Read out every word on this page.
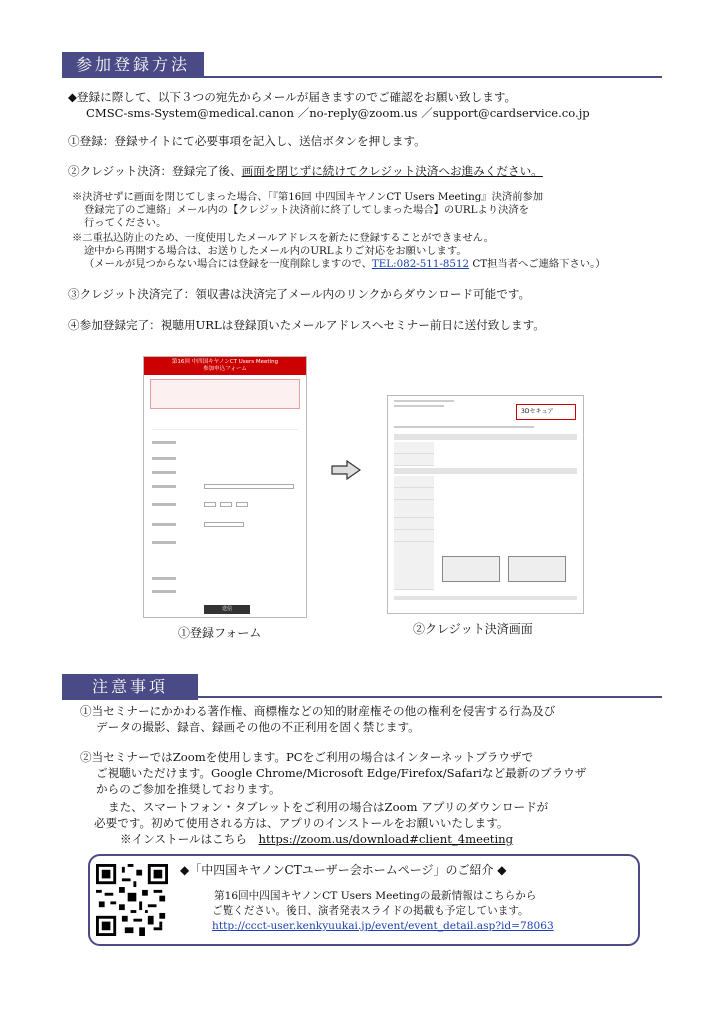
参加登録方法
◆登録に際して、以下３つの宛先からメールが届きますのでご確認をお願い致します。
CMSC-sms-System@medical.canon ／no-reply@zoom.us ／support@cardservice.co.jp
①登録：登録サイトにて必要事項を記入し、送信ボタンを押します。
②クレジット決済：登録完了後、画面を閉じずに続けてクレジット決済へお進みください。
※決済せずに画面を閉じてしまった場合、「『第16回 中四国キヤノンCT Users Meeting』決済前参加
登録完了のご連絡」メール内の【クレジット決済前に終了してしまった場合】のURLより決済を
行ってください。
※二重払込防止のため、一度使用したメールアドレスを新たに登録することができません。
途中から再開する場合は、お送りしたメール内のURLよりご対応をお願いします。
（メールが見つからない場合には登録を一度削除しますので、TEL:082-511-8512 CT担当者へご連絡下さい。）
③クレジット決済完了：領収書は決済完了メール内のリンクからダウンロード可能です。
④参加登録完了：視聴用URLは登録頂いたメールアドレスへセミナー前日に送付致します。
第16回 中四国キヤノンCT Users Meeting
参加申込フォーム
送信
3Dセキュア
①登録フォーム	②クレジット決済画面
注意事項
①当セミナーにかかわる著作権、商標権などの知的財産権その他の権利を侵害する行為及び
データの撮影、録音、録画その他の不正利用を固く禁じます。
②当セミナーではZoomを使用します。PCをご利用の場合はインターネットブラウザで
ご視聴いただけます。Google Chrome/Microsoft Edge/Firefox/Safariなど最新のブラウザ
からのご参加を推奨しております。
また、スマートフォン・タブレットをご利用の場合はZoom アプリのダウンロードが
必要です。初めて使用される方は、アプリのインストールをお願いいたします。
※インストールはこちら　https://zoom.us/download#client_4meeting
◆「中四国キヤノンCTユーザー会ホームページ」のご紹介 ◆
第16回中四国キヤノンCT Users Meetingの最新情報はこちらから
ご覧ください。後日、演者発表スライドの掲載も予定しています。
http://ccct-user.kenkyuukai.jp/event/event_detail.asp?id=78063
